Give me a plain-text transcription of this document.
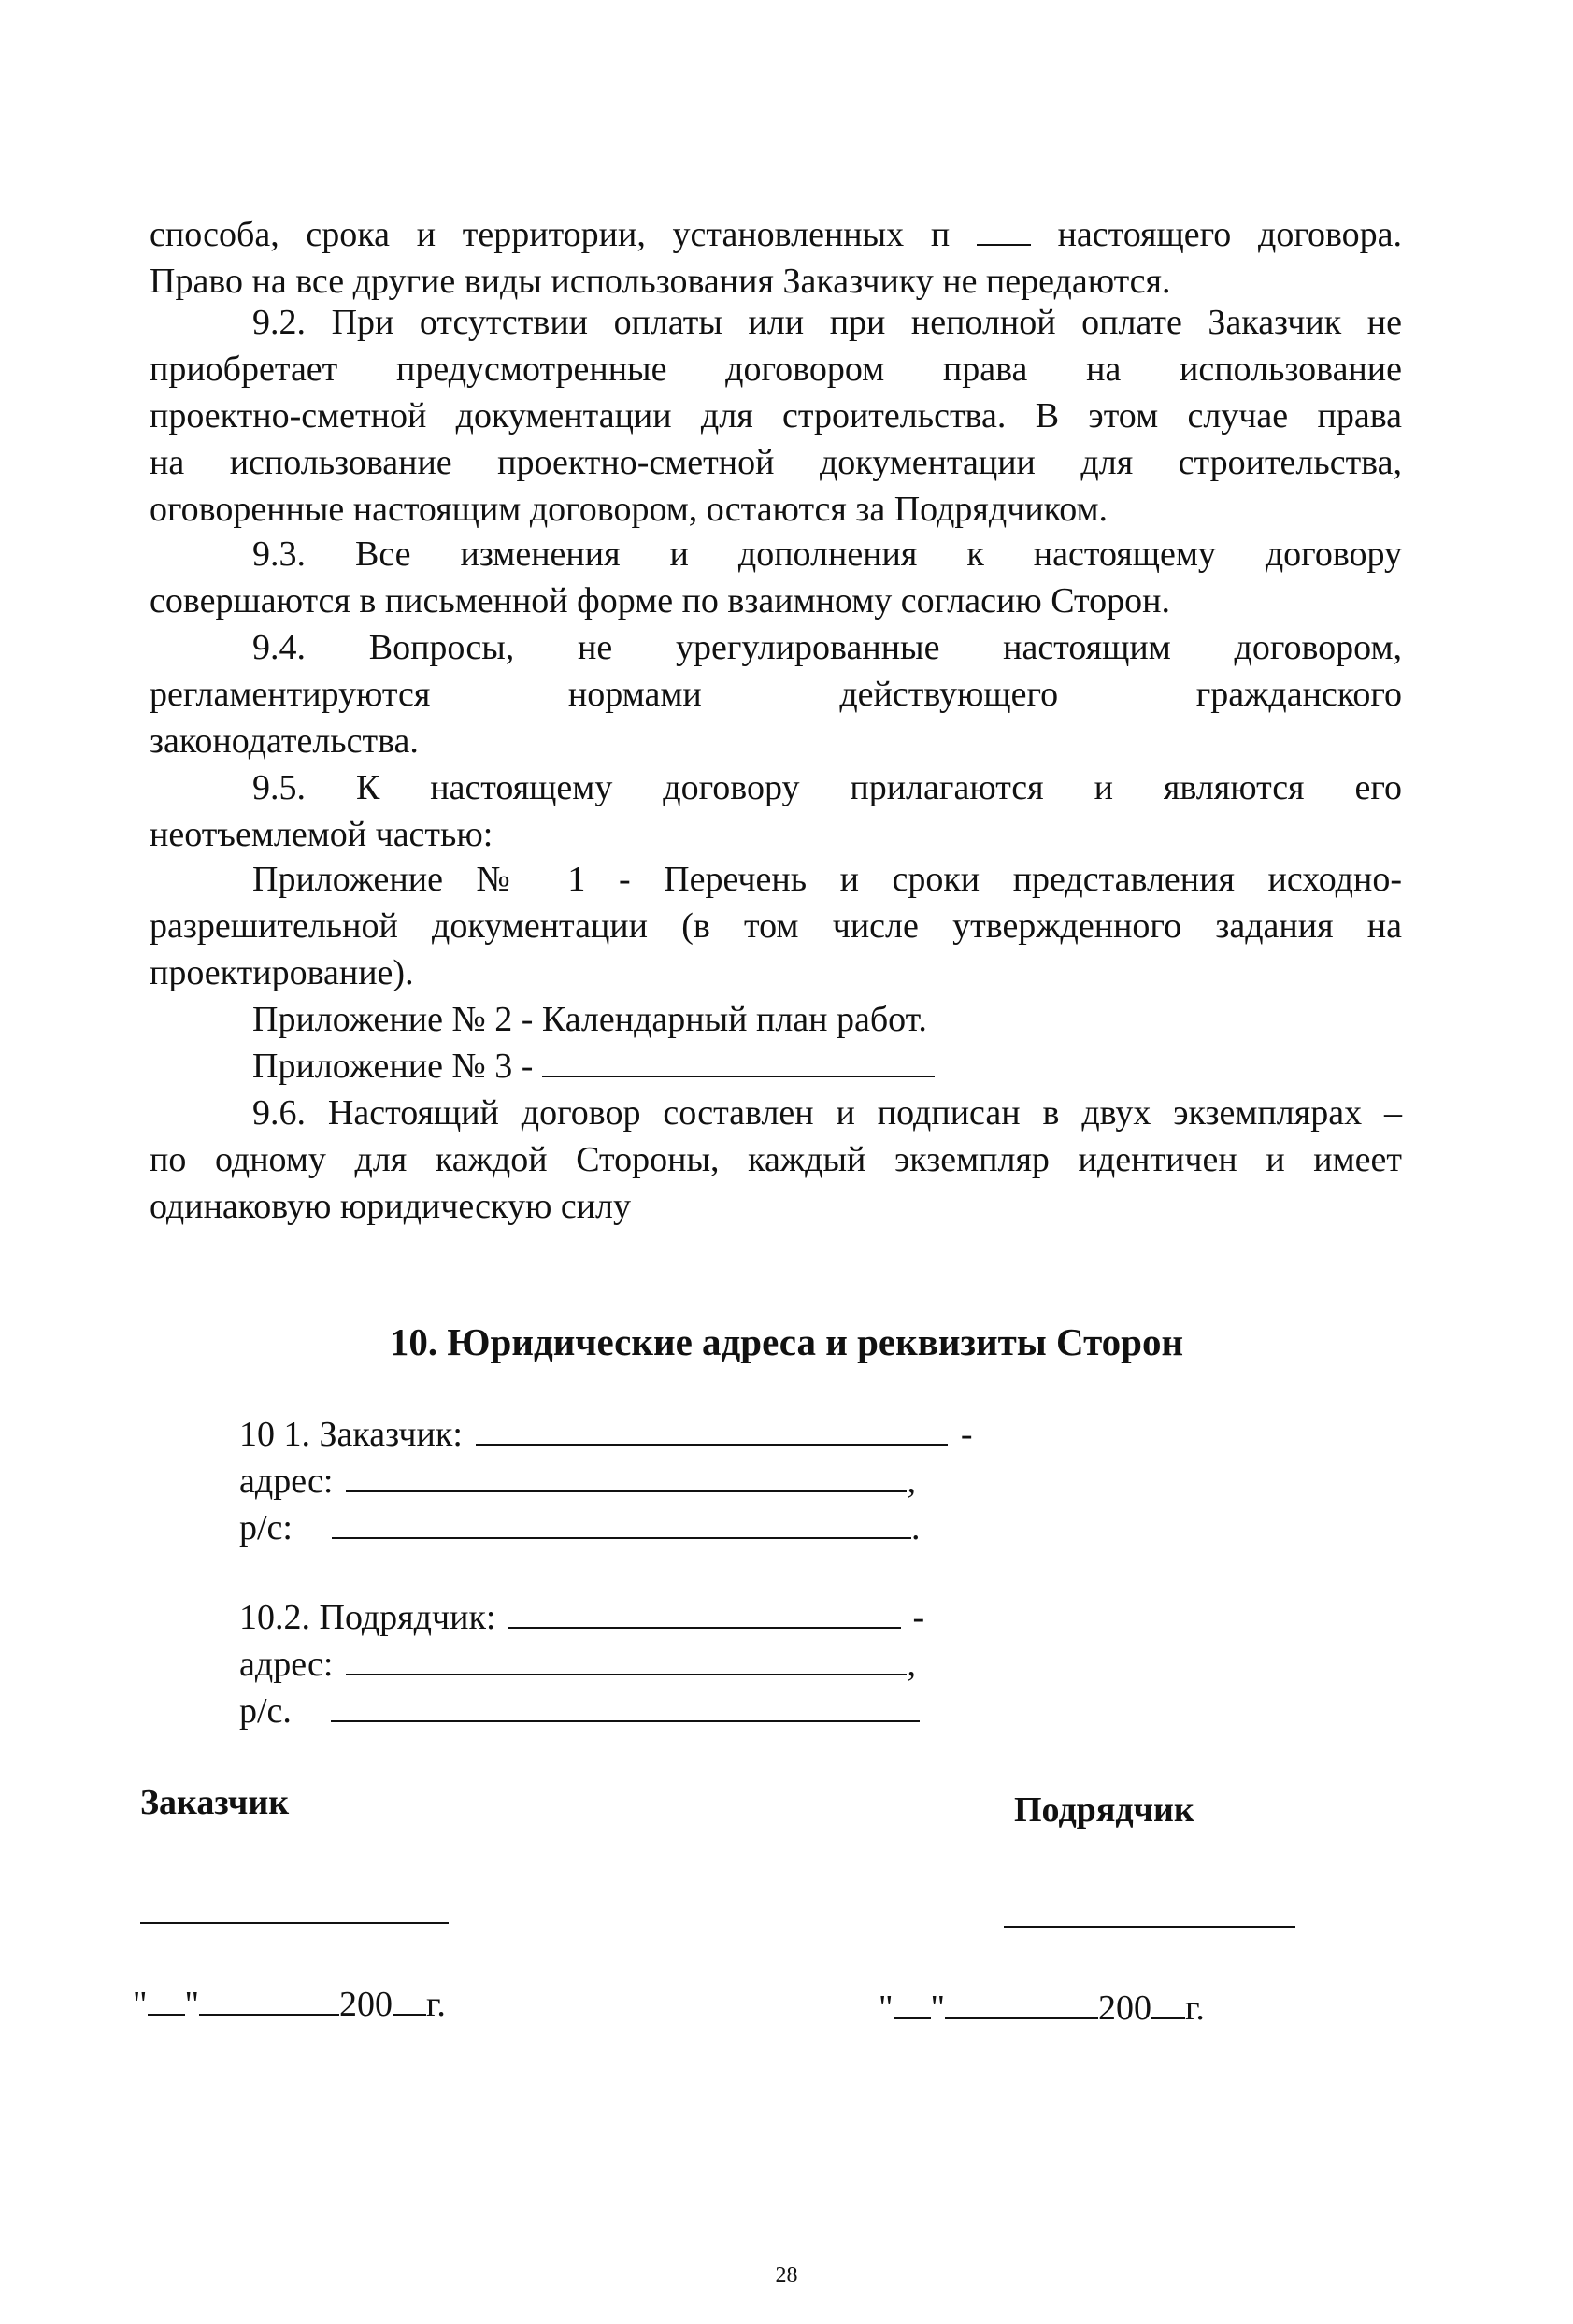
способа, срока и территории, установленных п	настоящего договора.
Право на все другие виды использования Заказчику не передаются.
9.2. При отсутствии оплаты или при неполной оплате Заказчик не
приобретает предусмотренные договором права на использование
проектно-сметной документации для строительства. В этом случае права
на использование проектно-сметной документации для строительства,
оговоренные настоящим договором, остаются за Подрядчиком.
9.3. Все изменения и дополнения к настоящему договору
совершаются в письменной форме по взаимному согласию Сторон.
9.4. Вопросы, не урегулированные настоящим договором,
регламентируются нормами действующего гражданского
законодательства.
9.5. К настоящему договору прилагаются и являются его
неотъемлемой частью:
Приложение № 1 - Перечень и сроки представления исходно-
разрешительной документации (в том числе утвержденного задания на
проектирование).
Приложение № 2 - Календарный план работ.
Приложение № 3 -
9.6. Настоящий договор составлен и подписан в двух экземплярах –
по одному для каждой Стороны, каждый экземпляр идентичен и имеет
одинаковую юридическую силу
10. Юридические адреса и реквизиты Сторон
10 1. Заказчик:	-
адрес:	,
р/с:	.
10.2. Подрядчик:	-
адрес:	,
р/с.
Заказчик	Подрядчик
" "	200 г.	" "	200 г.
28
